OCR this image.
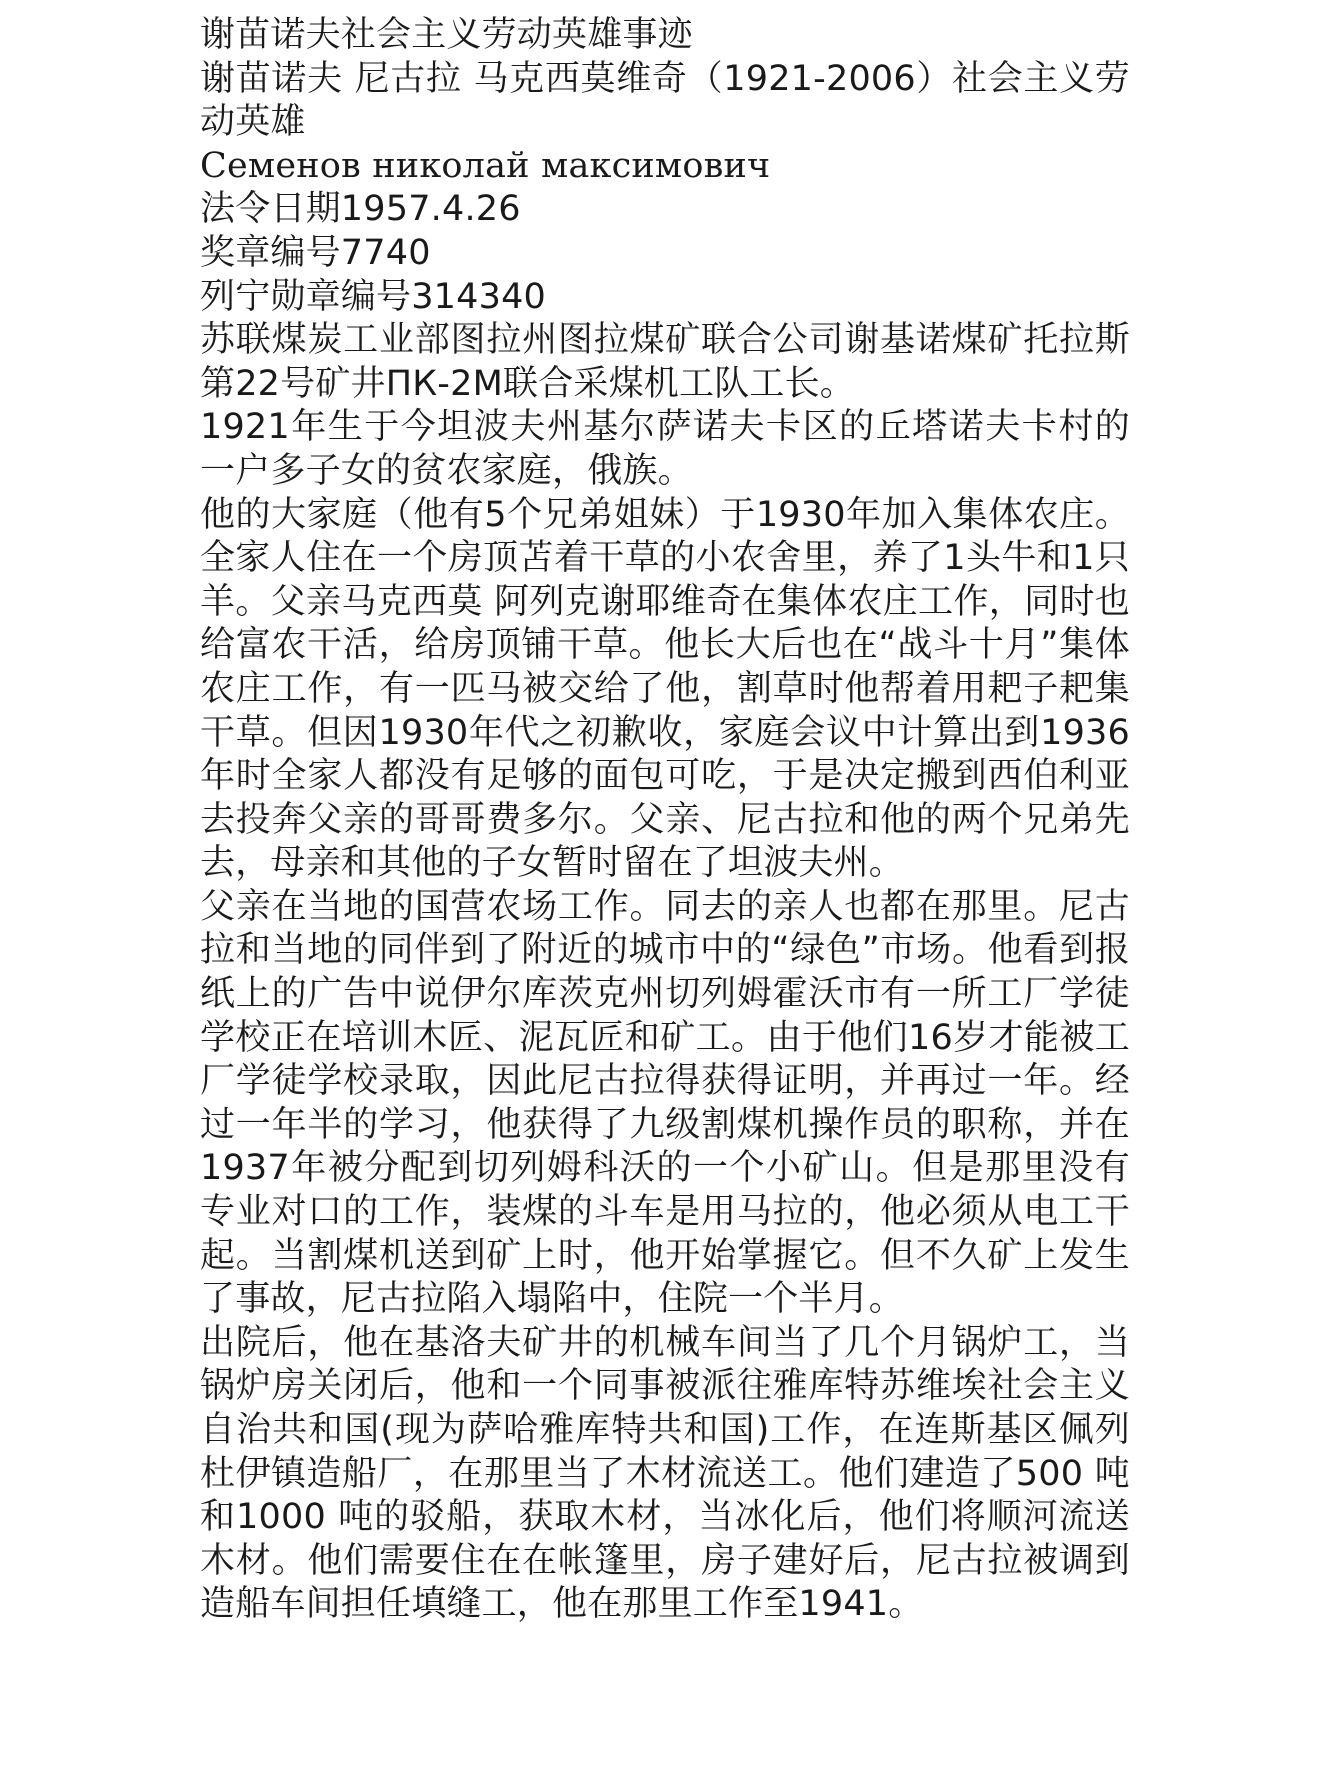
谢苗诺夫社会主义劳动英雄事迹

谢苗诺夫 尼古拉 马克西莫维奇（1921-2006）社会主义劳动英雄

Семенов николай максимович

法令日期1957.4.26

奖章编号7740

列宁勋章编号314340

苏联煤炭工业部图拉州图拉煤矿联合公司谢基诺煤矿托拉斯第22号矿井ПК-2М联合采煤机工队工长。

1921年生于今坦波夫州基尔萨诺夫卡区的丘塔诺夫卡村的一户多子女的贫农家庭，俄族。

他的大家庭（他有5个兄弟姐妹）于1930年加入集体农庄。全家人住在一个房顶苫着干草的小农舍里，养了1头牛和1只羊。父亲马克西莫 阿列克谢耶维奇在集体农庄工作，同时也给富农干活，给房顶铺干草。他长大后也在“战斗十月”集体农庄工作，有一匹马被交给了他，割草时他帮着用耙子耙集干草。但因1930年代之初歉收，家庭会议中计算出到1936年时全家人都没有足够的面包可吃，于是决定搬到西伯利亚去投奔父亲的哥哥费多尔。父亲、尼古拉和他的两个兄弟先去，母亲和其他的子女暂时留在了坦波夫州。

父亲在当地的国营农场工作。同去的亲人也都在那里。尼古拉和当地的同伴到了附近的城市中的“绿色”市场。他看到报纸上的广告中说伊尔库茨克州切列姆霍沃市有一所工厂学徒学校正在培训木匠、泥瓦匠和矿工。由于他们16岁才能被工厂学徒学校录取，因此尼古拉得获得证明，并再过一年。经过一年半的学习，他获得了九级割煤机操作员的职称，并在1937年被分配到切列姆科沃的一个小矿山。但是那里没有专业对口的工作，装煤的斗车是用马拉的，他必须从电工干起。当割煤机送到矿上时，他开始掌握它。但不久矿上发生了事故，尼古拉陷入塌陷中，住院一个半月。

出院后，他在基洛夫矿井的机械车间当了几个月锅炉工，当锅炉房关闭后，他和一个同事被派往雅库特苏维埃社会主义自治共和国(现为萨哈雅库特共和国)工作，在连斯基区佩列杜伊镇造船厂，在那里当了木材流送工。他们建造了500 吨和1000 吨的驳船，获取木材，当冰化后，他们将顺河流送木材。他们需要住在在帐篷里，房子建好后，尼古拉被调到造船车间担任填缝工，他在那里工作至1941。
